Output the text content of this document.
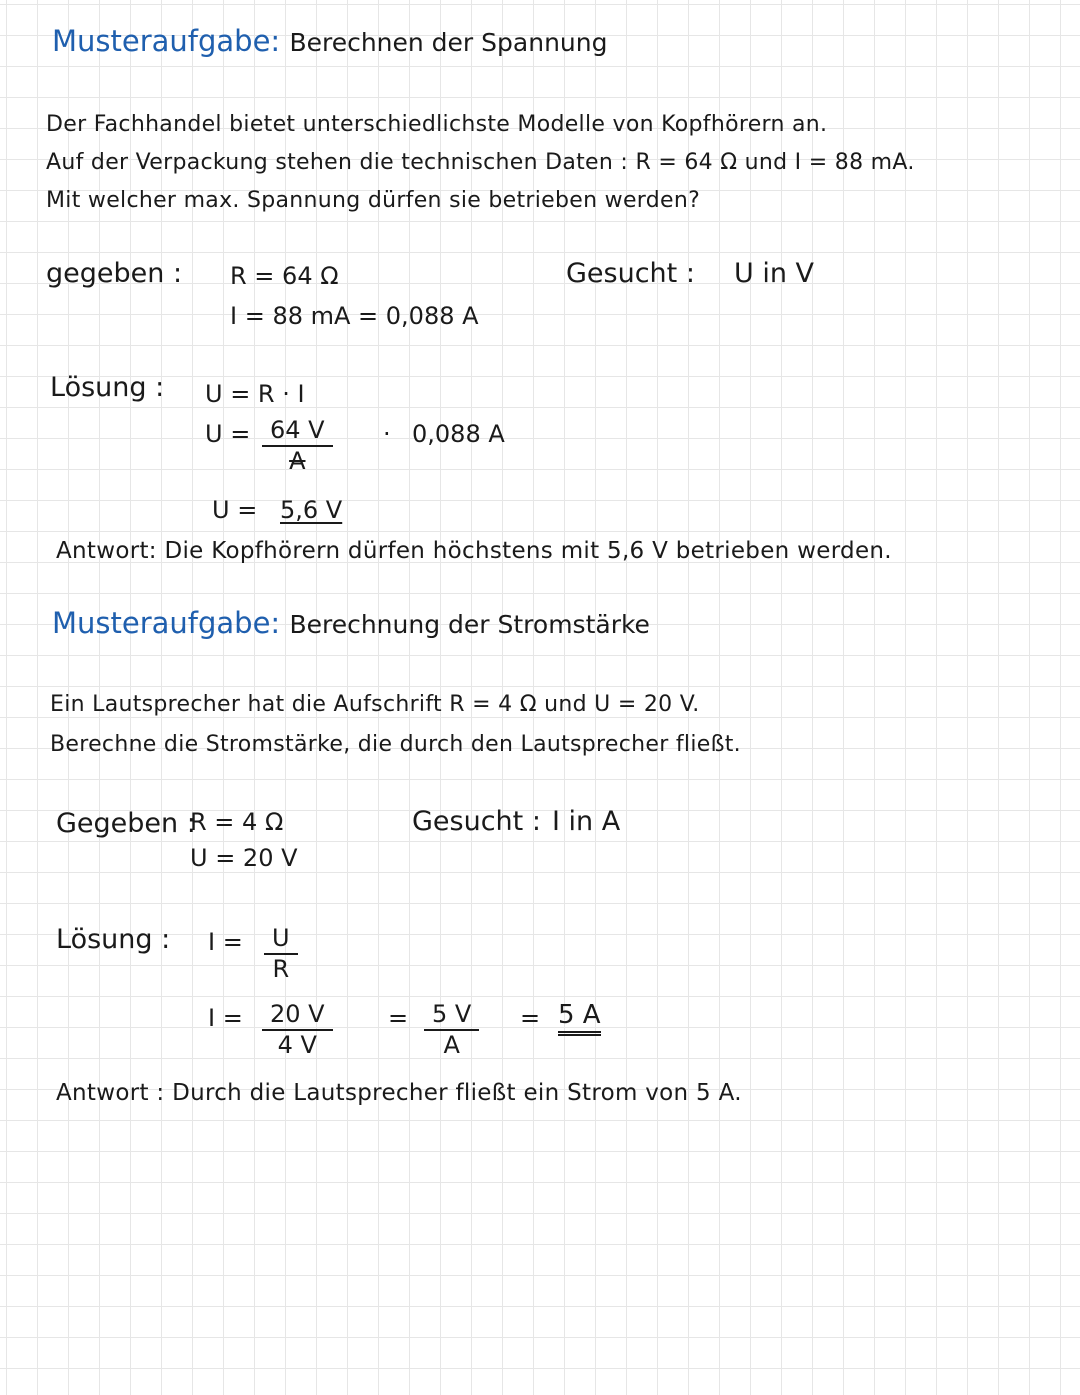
Musteraufgabe: Berechnen der Spannung
Der Fachhandel bietet unterschiedlichste Modelle von Kopfhörern an.
Auf der Verpackung stehen die technischen Daten : R = 64 Ω und I = 88 mA.
Mit welcher max. Spannung dürfen sie betrieben werden?
gegeben : R = 64 Ω
I = 88 mA = 0,088 A
Gesucht : U in V
Lösung : U = R · I
$U = \frac{64 V}{A} \cdot 0,088$ A
U = 5,6 V
Antwort: Die Kopfhörern dürfen höchstens mit 5,6 V betrieben werden.
Musteraufgabe: Berechnung der Stromstärke
Ein Lautsprecher hat die Aufschrift R = 4 Ω und U = 20 V.
Berechne die Stromstärke, die durch den Lautsprecher fließt.
Gegeben :
R = 4 Ω
U = 20 V
Gesucht : I in A
Lösung : $I = \frac{U}{R}$
$I = \frac{20 V}{4 V} = \frac{5 V}{A} = 5$ A
Antwort : Durch die Lautsprecher fließt ein Strom von 5 A.
